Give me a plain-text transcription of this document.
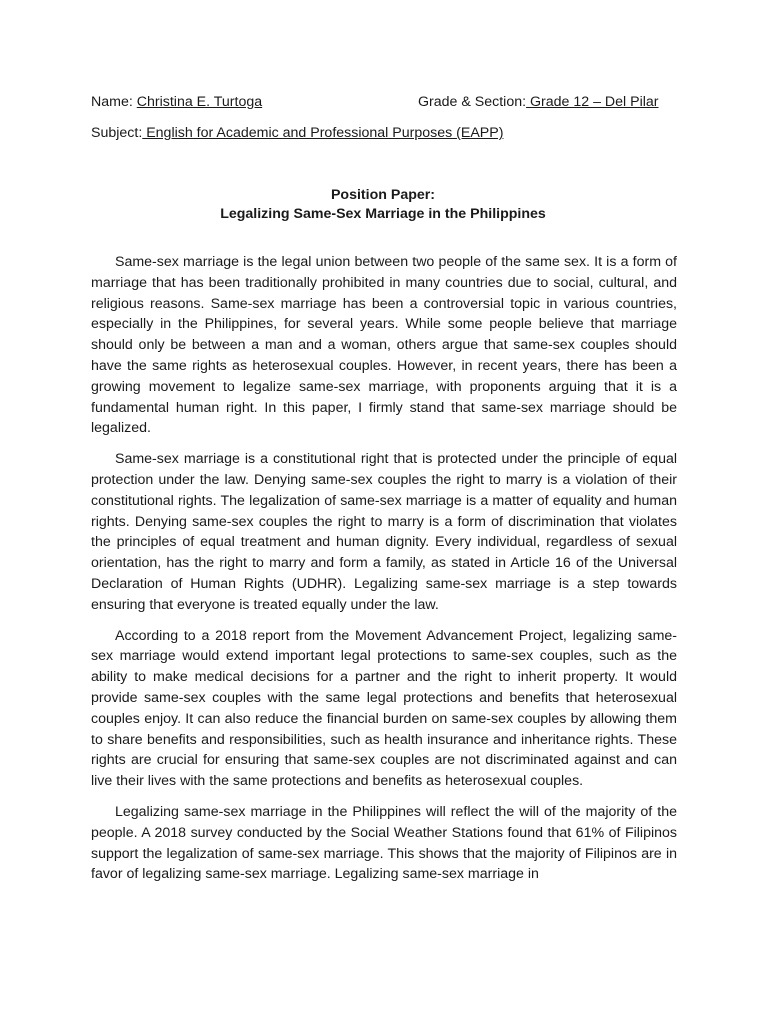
Name: Christina E. Turtoga	Grade & Section: Grade 12 – Del Pilar
Subject: English for Academic and Professional Purposes (EAPP)
Position Paper:
Legalizing Same-Sex Marriage in the Philippines

Same-sex marriage is the legal union between two people of the same sex. It is a form of marriage that has been traditionally prohibited in many countries due to social, cultural, and religious reasons. Same-sex marriage has been a controversial topic in various countries, especially in the Philippines, for several years. While some people believe that marriage should only be between a man and a woman, others argue that same-sex couples should have the same rights as heterosexual couples. However, in recent years, there has been a growing movement to legalize same-sex marriage, with proponents arguing that it is a fundamental human right. In this paper, I firmly stand that same-sex marriage should be legalized.

Same-sex marriage is a constitutional right that is protected under the principle of equal protection under the law. Denying same-sex couples the right to marry is a violation of their constitutional rights. The legalization of same-sex marriage is a matter of equality and human rights. Denying same-sex couples the right to marry is a form of discrimination that violates the principles of equal treatment and human dignity. Every individual, regardless of sexual orientation, has the right to marry and form a family, as stated in Article 16 of the Universal Declaration of Human Rights (UDHR). Legalizing same-sex marriage is a step towards ensuring that everyone is treated equally under the law.

According to a 2018 report from the Movement Advancement Project, legalizing same-sex marriage would extend important legal protections to same-sex couples, such as the ability to make medical decisions for a partner and the right to inherit property. It would provide same-sex couples with the same legal protections and benefits that heterosexual couples enjoy. It can also reduce the financial burden on same-sex couples by allowing them to share benefits and responsibilities, such as health insurance and inheritance rights. These rights are crucial for ensuring that same-sex couples are not discriminated against and can live their lives with the same protections and benefits as heterosexual couples.

Legalizing same-sex marriage in the Philippines will reflect the will of the majority of the people. A 2018 survey conducted by the Social Weather Stations found that 61% of Filipinos support the legalization of same-sex marriage. This shows that the majority of Filipinos are in favor of legalizing same-sex marriage. Legalizing same-sex marriage in
